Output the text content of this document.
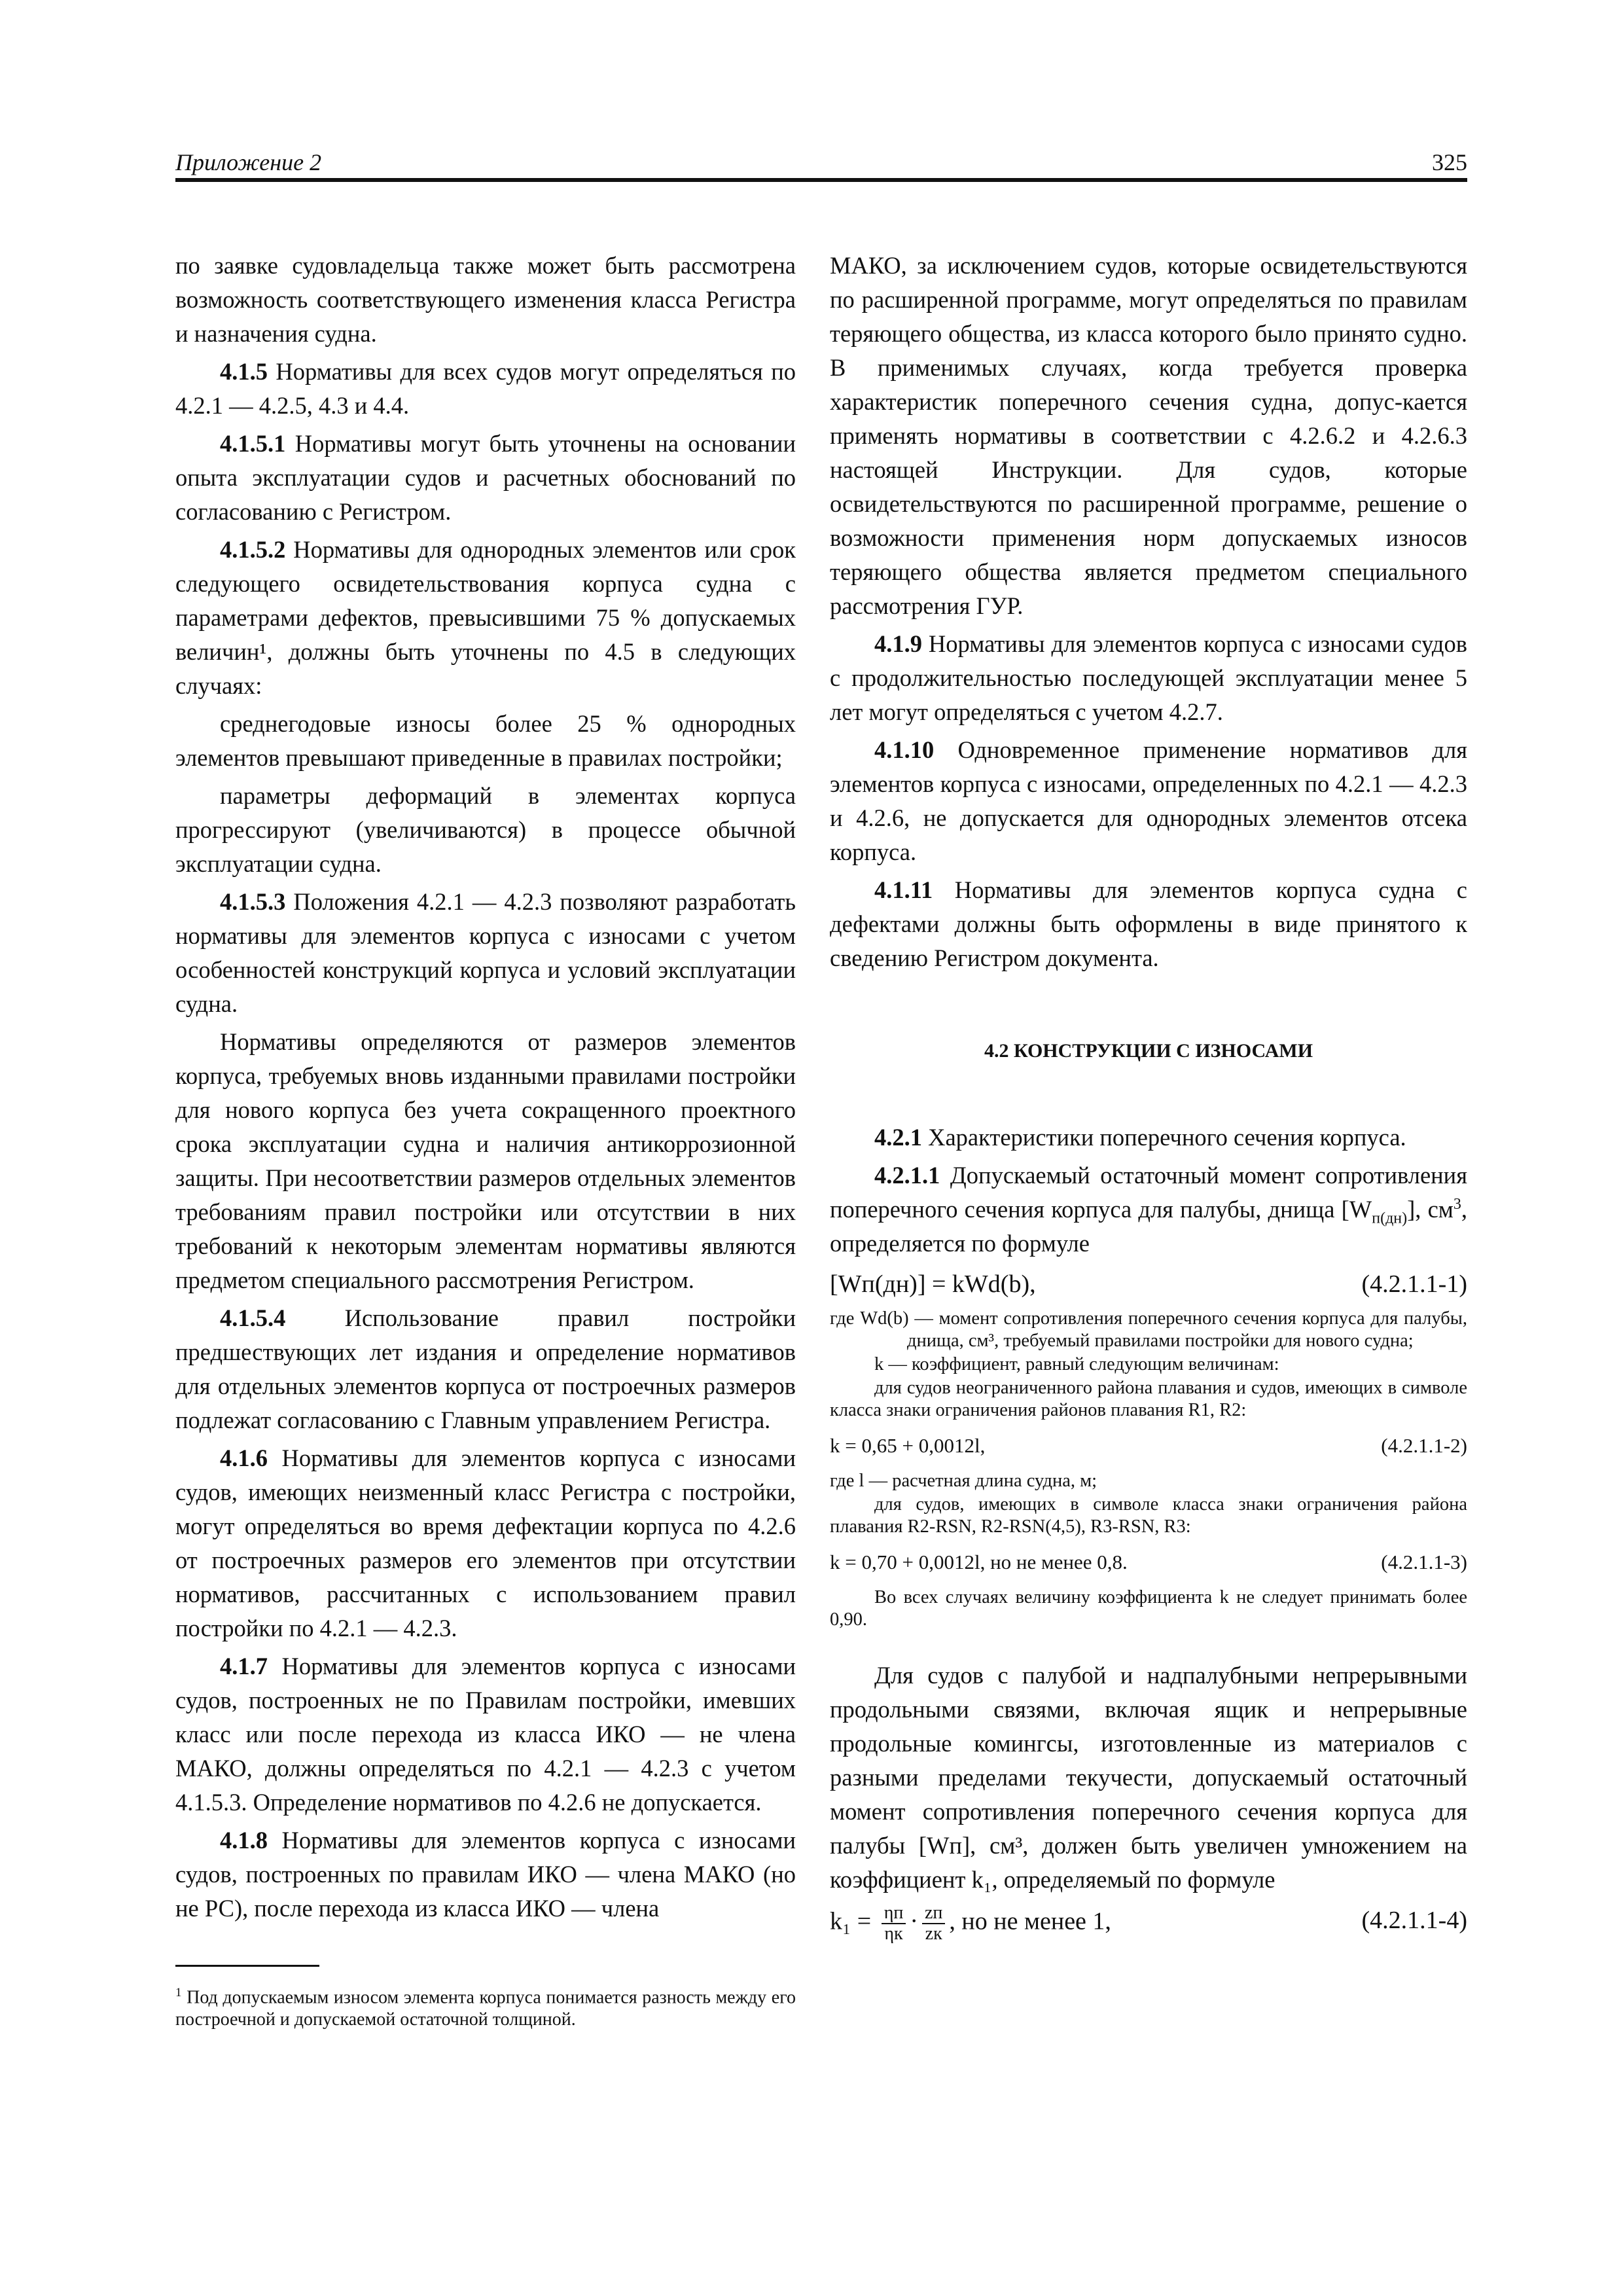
Приложение 2	325

по заявке судовладельца также может быть рассмотрена возможность соответствующего изменения класса Регистра и назначения судна.

4.1.5 Нормативы для всех судов могут определяться по 4.2.1 — 4.2.5, 4.3 и 4.4.

4.1.5.1 Нормативы могут быть уточнены на основании опыта эксплуатации судов и расчетных обоснований по согласованию с Регистром.

4.1.5.2 Нормативы для однородных элементов или срок следующего освидетельствования корпуса судна с параметрами дефектов, превысившими 75 % допускаемых величин¹, должны быть уточнены по 4.5 в следующих случаях:

среднегодовые износы более 25 % однородных элементов превышают приведенные в правилах постройки;

параметры деформаций в элементах корпуса прогрессируют (увеличиваются) в процессе обычной эксплуатации судна.

4.1.5.3 Положения 4.2.1 — 4.2.3 позволяют разработать нормативы для элементов корпуса с износами с учетом особенностей конструкций корпуса и условий эксплуатации судна.

Нормативы определяются от размеров элементов корпуса, требуемых вновь изданными правилами постройки для нового корпуса без учета сокращенного проектного срока эксплуатации судна и наличия антикоррозионной защиты. При несоответствии размеров отдельных элементов требованиям правил постройки или отсутствии в них требований к некоторым элементам нормативы являются предметом специального рассмотрения Регистром.

4.1.5.4 Использование правил постройки предшествующих лет издания и определение нормативов для отдельных элементов корпуса от построечных размеров подлежат согласованию с Главным управлением Регистра.

4.1.6 Нормативы для элементов корпуса с износами судов, имеющих неизменный класс Регистра с постройки, могут определяться во время дефектации корпуса по 4.2.6 от построечных размеров его элементов при отсутствии нормативов, рассчитанных с использованием правил постройки по 4.2.1 — 4.2.3.

4.1.7 Нормативы для элементов корпуса с износами судов, построенных не по Правилам постройки, имевших класс или после перехода из класса ИКО — не члена МАКО, должны определяться по 4.2.1 — 4.2.3 с учетом 4.1.5.3. Определение нормативов по 4.2.6 не допускается.

4.1.8 Нормативы для элементов корпуса с износами судов, построенных по правилам ИКО — члена МАКО (но не РС), после перехода из класса ИКО — члена

МАКО, за исключением судов, которые освидетельствуются по расширенной программе, могут определяться по правилам теряющего общества, из класса которого было принято судно. В применимых случаях, когда требуется проверка характеристик поперечного сечения судна, допус-кается применять нормативы в соответствии с 4.2.6.2 и 4.2.6.3 настоящей Инструкции. Для судов, которые освидетельствуются по расширенной программе, решение о возможности применения норм допускаемых износов теряющего общества является предметом специального рассмотрения ГУР.

4.1.9 Нормативы для элементов корпуса с износами судов с продолжительностью последующей эксплуатации менее 5 лет могут определяться с учетом 4.2.7.

4.1.10 Одновременное применение нормативов для элементов корпуса с износами, определенных по 4.2.1 — 4.2.3 и 4.2.6, не допускается для однородных элементов отсека корпуса.

4.1.11 Нормативы для элементов корпуса судна с дефектами должны быть оформлены в виде принятого к сведению Регистром документа.

4.2 КОНСТРУКЦИИ С ИЗНОСАМИ

4.2.1 Характеристики поперечного сечения корпуса.

4.2.1.1 Допускаемый остаточный момент сопротивления поперечного сечения корпуса для палубы, днища $[W_{п(дн)}]$, $см^3$, определяется по формуле

[Wп(дн)] = kWd(b),	(4.2.1.1-1)

где Wd(b) — момент сопротивления поперечного сечения корпуса для палубы, днища, см³, требуемый правилами постройки для нового судна;

k — коэффициент, равный следующим величинам:

для судов неограниченного района плавания и судов, имеющих в символе класса знаки ограничения районов плавания R1, R2:

k = 0,65 + 0,0012l,	(4.2.1.1-2)

где l — расчетная длина судна, м;

для судов, имеющих в символе класса знаки ограничения района плавания R2-RSN, R2-RSN(4,5), R3-RSN, R3:

k = 0,70 + 0,0012l, но не менее 0,8.	(4.2.1.1-3)

Во всех случаях величину коэффициента k не следует принимать более 0,90.

Для судов с палубой и надпалубными непрерывными продольными связями, включая ящик и непрерывные продольные комингсы, изготовленные из материалов с разными пределами текучести, допускаемый остаточный момент сопротивления поперечного сечения корпуса для палубы [Wп], см³, должен быть увеличен умножением на коэффициент k₁, определяемый по формуле

$k_1 = \frac{\eta п}{\eta к} \cdot \frac{zп}{zк}$ , но не менее 1,	(4.2.1.1-4)

$^1$ Под допускаемым износом элемента корпуса понимается разность между его построечной и допускаемой остаточной толщиной.
